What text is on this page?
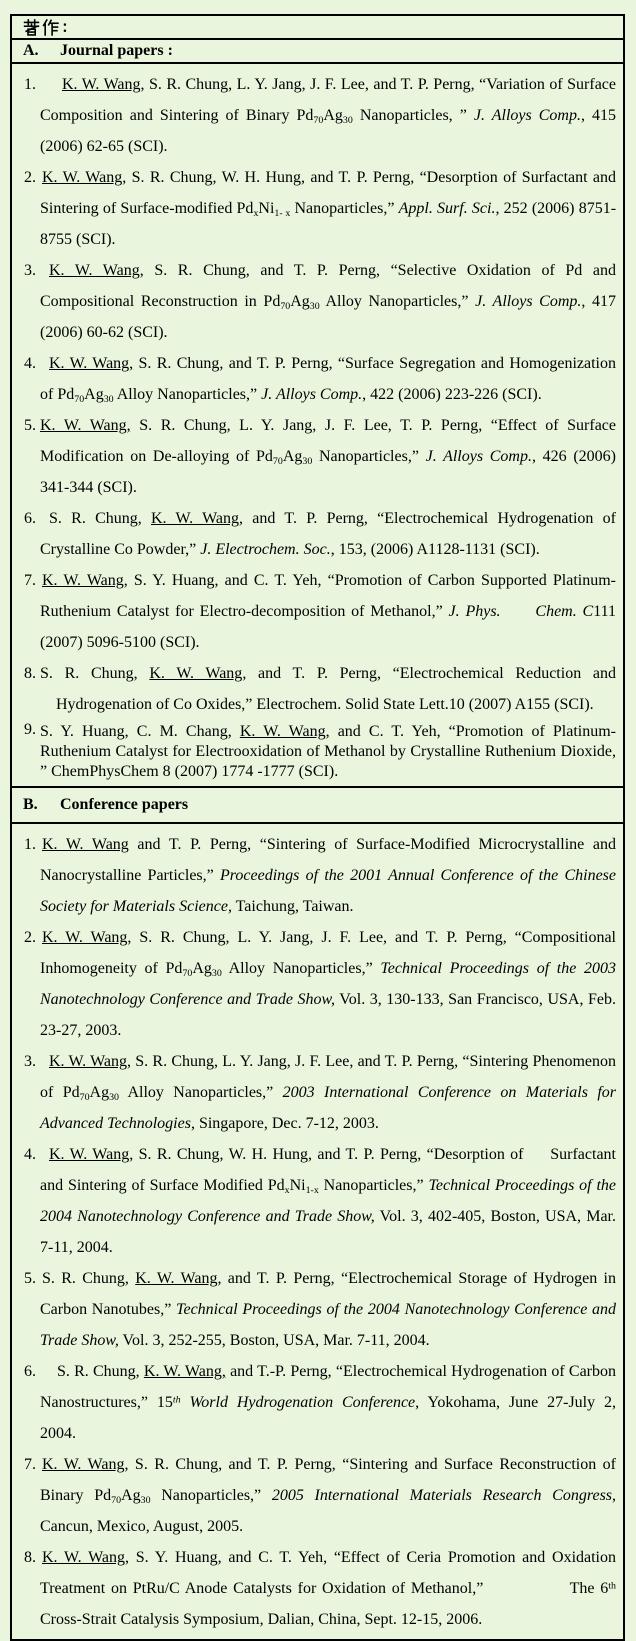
A.	Journal papers :
1. K. W. Wang, S. R. Chung, L. Y. Jang, J. F. Lee, and T. P. Perng, “Variation of Surface Composition and Sintering of Binary $Pd_{70}Ag_{30}$ Nanoparticles, ” J. Alloys Comp., 415 (2006) 62-65 (SCI).
2. K. W. Wang, S. R. Chung, W. H. Hung, and T. P. Perng, “Desorption of Surfactant and Sintering of Surface-modified $Pd_xNi_{1- x}$ Nanoparticles,” Appl. Surf. Sci., 252 (2006) 8751-8755 (SCI).
3. K. W. Wang, S. R. Chung, and T. P. Perng, “Selective Oxidation of Pd and Compositional Reconstruction in $Pd_{70}Ag_{30}$ Alloy Nanoparticles,” J. Alloys Comp., 417 (2006) 60-62 (SCI).
4. K. W. Wang, S. R. Chung, and T. P. Perng, “Surface Segregation and Homogenization of $Pd_{70}Ag_{30}$ Alloy Nanoparticles,” J. Alloys Comp., 422 (2006) 223-226 (SCI).
5. K. W. Wang, S. R. Chung, L. Y. Jang, J. F. Lee, T. P. Perng, “Effect of Surface Modification on De-alloying of $Pd_{70}Ag_{30}$ Nanoparticles,” J. Alloys Comp., 426 (2006) 341-344 (SCI).
6. S. R. Chung, K. W. Wang, and T. P. Perng, “Electrochemical Hydrogenation of Crystalline Co Powder,” J. Electrochem. Soc., 153, (2006) A1128-1131 (SCI).
7. K. W. Wang, S. Y. Huang, and C. T. Yeh, “Promotion of Carbon Supported Platinum-Ruthenium Catalyst for Electro-decomposition of Methanol,” J. Phys. Chem. C111 (2007) 5096-5100 (SCI).
8. S. R. Chung, K. W. Wang, and T. P. Perng, “Electrochemical Reduction and     Hydrogenation of Co Oxides,” Electrochem. Solid State Lett.10 (2007) A155 (SCI).
9. S. Y. Huang, C. M. Chang, K. W. Wang, and C. T. Yeh, “Promotion of Platinum-Ruthenium Catalyst for Electrooxidation of Methanol by Crystalline Ruthenium Dioxide, ” ChemPhysChem 8 (2007) 1774 -1777 (SCI).
B.	Conference papers
1. K. W. Wang and T. P. Perng, “Sintering of Surface-Modified Microcrystalline and Nanocrystalline Particles,” Proceedings of the 2001 Annual Conference of the Chinese Society for Materials Science, Taichung, Taiwan.
2. K. W. Wang, S. R. Chung, L. Y. Jang, J. F. Lee, and T. P. Perng, “Compositional Inhomogeneity of $Pd_{70}Ag_{30}$ Alloy Nanoparticles,” Technical Proceedings of the 2003 Nanotechnology Conference and Trade Show, Vol. 3, 130-133, San Francisco, USA, Feb. 23-27, 2003.
3. K. W. Wang, S. R. Chung, L. Y. Jang, J. F. Lee, and T. P. Perng, “Sintering Phenomenon of $Pd_{70}Ag_{30}$ Alloy Nanoparticles,” 2003 International Conference on Materials for Advanced Technologies, Singapore, Dec. 7-12, 2003.
4. K. W. Wang, S. R. Chung, W. H. Hung, and T. P. Perng, “Desorption of     Surfactant and Sintering of Surface Modified $Pd_xNi_{1-x}$ Nanoparticles,” Technical Proceedings of the 2004 Nanotechnology Conference and Trade Show, Vol. 3, 402-405, Boston, USA, Mar. 7-11, 2004.
5. S. R. Chung, K. W. Wang, and T. P. Perng, “Electrochemical Storage of Hydrogen in Carbon Nanotubes,” Technical Proceedings of the 2004 Nanotechnology Conference and Trade Show, Vol. 3, 252-255, Boston, USA, Mar. 7-11, 2004.
6. S. R. Chung, K. W. Wang, and T.-P. Perng, “Electrochemical Hydrogenation of Carbon Nanostructures,” 15th World Hydrogenation Conference, Yokohama, June 27-July 2, 2004.
7. K. W. Wang, S. R. Chung, and T. P. Perng, “Sintering and Surface Reconstruction of Binary $Pd_{70}Ag_{30}$ Nanoparticles,” 2005 International Materials Research Congress, Cancun, Mexico, August, 2005.
8. K. W. Wang, S. Y. Huang, and C. T. Yeh, “Effect of Ceria Promotion and Oxidation Treatment on PtRu/C Anode Catalysts for Oxidation of Methanol,”               The 6th Cross-Strait Catalysis Symposium, Dalian, China, Sept. 12-15, 2006.
